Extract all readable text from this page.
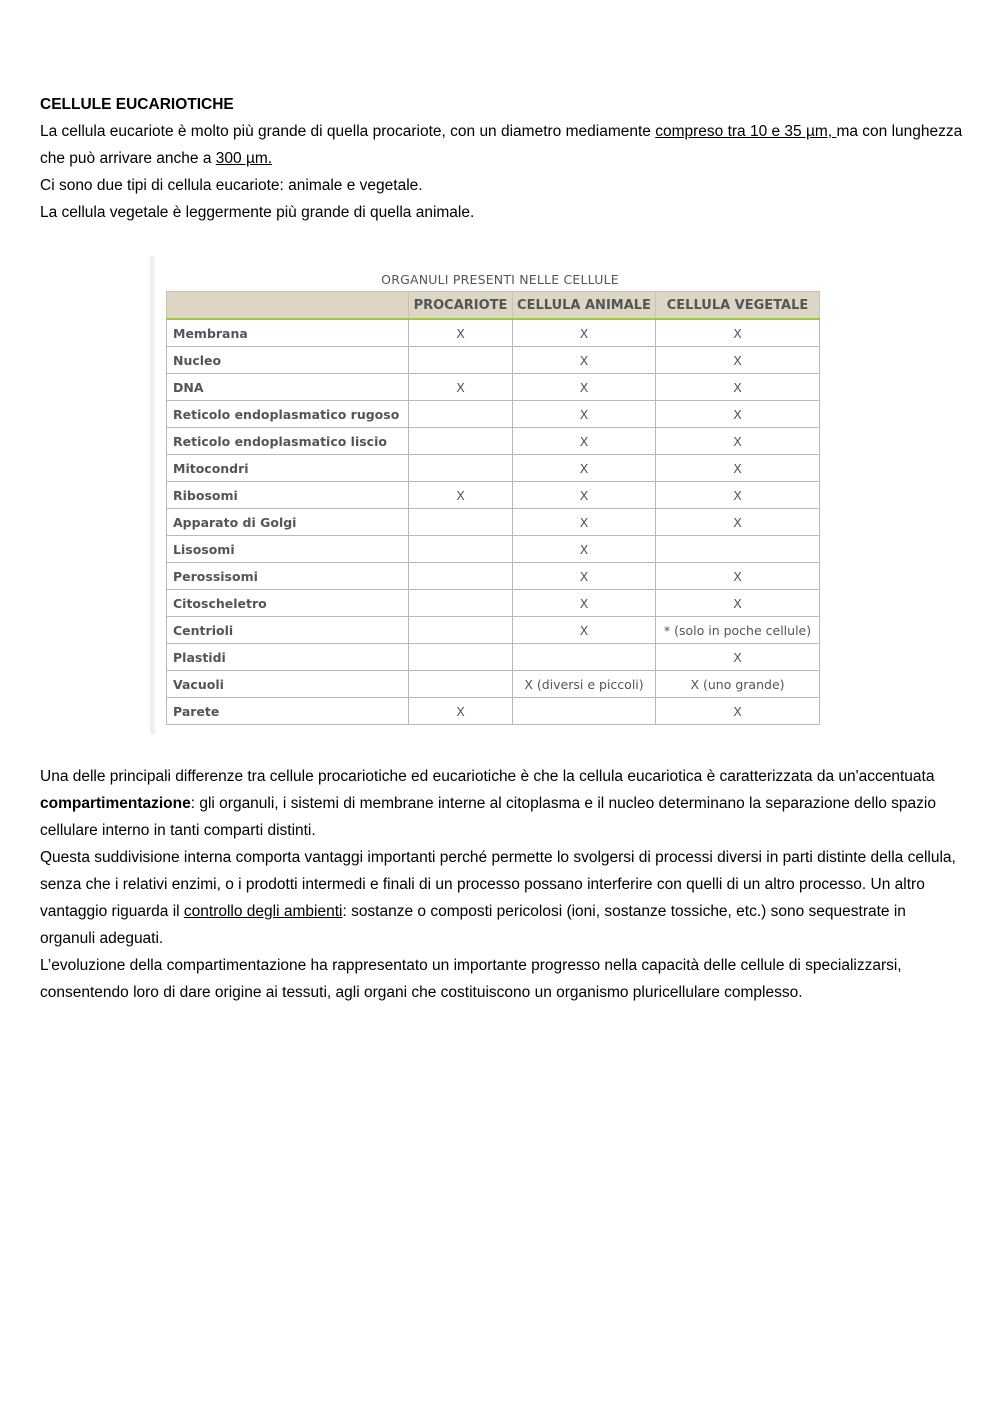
CELLULE EUCARIOTICHE

La cellula eucariote è molto più grande di quella procariote, con un diametro mediamente compreso tra 10 e 35 µm, ma con lunghezza che può arrivare anche a 300 µm.

Ci sono due tipi di cellula eucariote: animale e vegetale.

La cellula vegetale è leggermente più grande di quella animale.

ORGANULI PRESENTI NELLE CELLULE
	PROCARIOTE	CELLULA ANIMALE	CELLULA VEGETALE
Membrana	X	X	X
Nucleo		X	X
DNA	X	X	X
Reticolo endoplasmatico rugoso		X	X
Reticolo endoplasmatico liscio		X	X
Mitocondri		X	X
Ribosomi	X	X	X
Apparato di Golgi		X	X
Lisosomi		X	
Perossisomi		X	X
Citoscheletro		X	X
Centrioli		X	* (solo in poche cellule)
Plastidi			X
Vacuoli		X (diversi e piccoli)	X (uno grande)
Parete	X		X

Una delle principali differenze tra cellule procariotiche ed eucariotiche è che la cellula eucariotica è caratterizzata da un'accentuata compartimentazione: gli organuli, i sistemi di membrane interne al citoplasma e il nucleo determinano la separazione dello spazio cellulare interno in tanti comparti distinti.

Questa suddivisione interna comporta vantaggi importanti perché permette lo svolgersi di processi diversi in parti distinte della cellula, senza che i relativi enzimi, o i prodotti intermedi e finali di un processo possano interferire con quelli di un altro processo. Un altro vantaggio riguarda il controllo degli ambienti: sostanze o composti pericolosi (ioni, sostanze tossiche, etc.) sono sequestrate in organuli adeguati.

L’evoluzione della compartimentazione ha rappresentato un importante progresso nella capacità delle cellule di specializzarsi, consentendo loro di dare origine ai tessuti, agli organi che costituiscono un organismo pluricellulare complesso.
